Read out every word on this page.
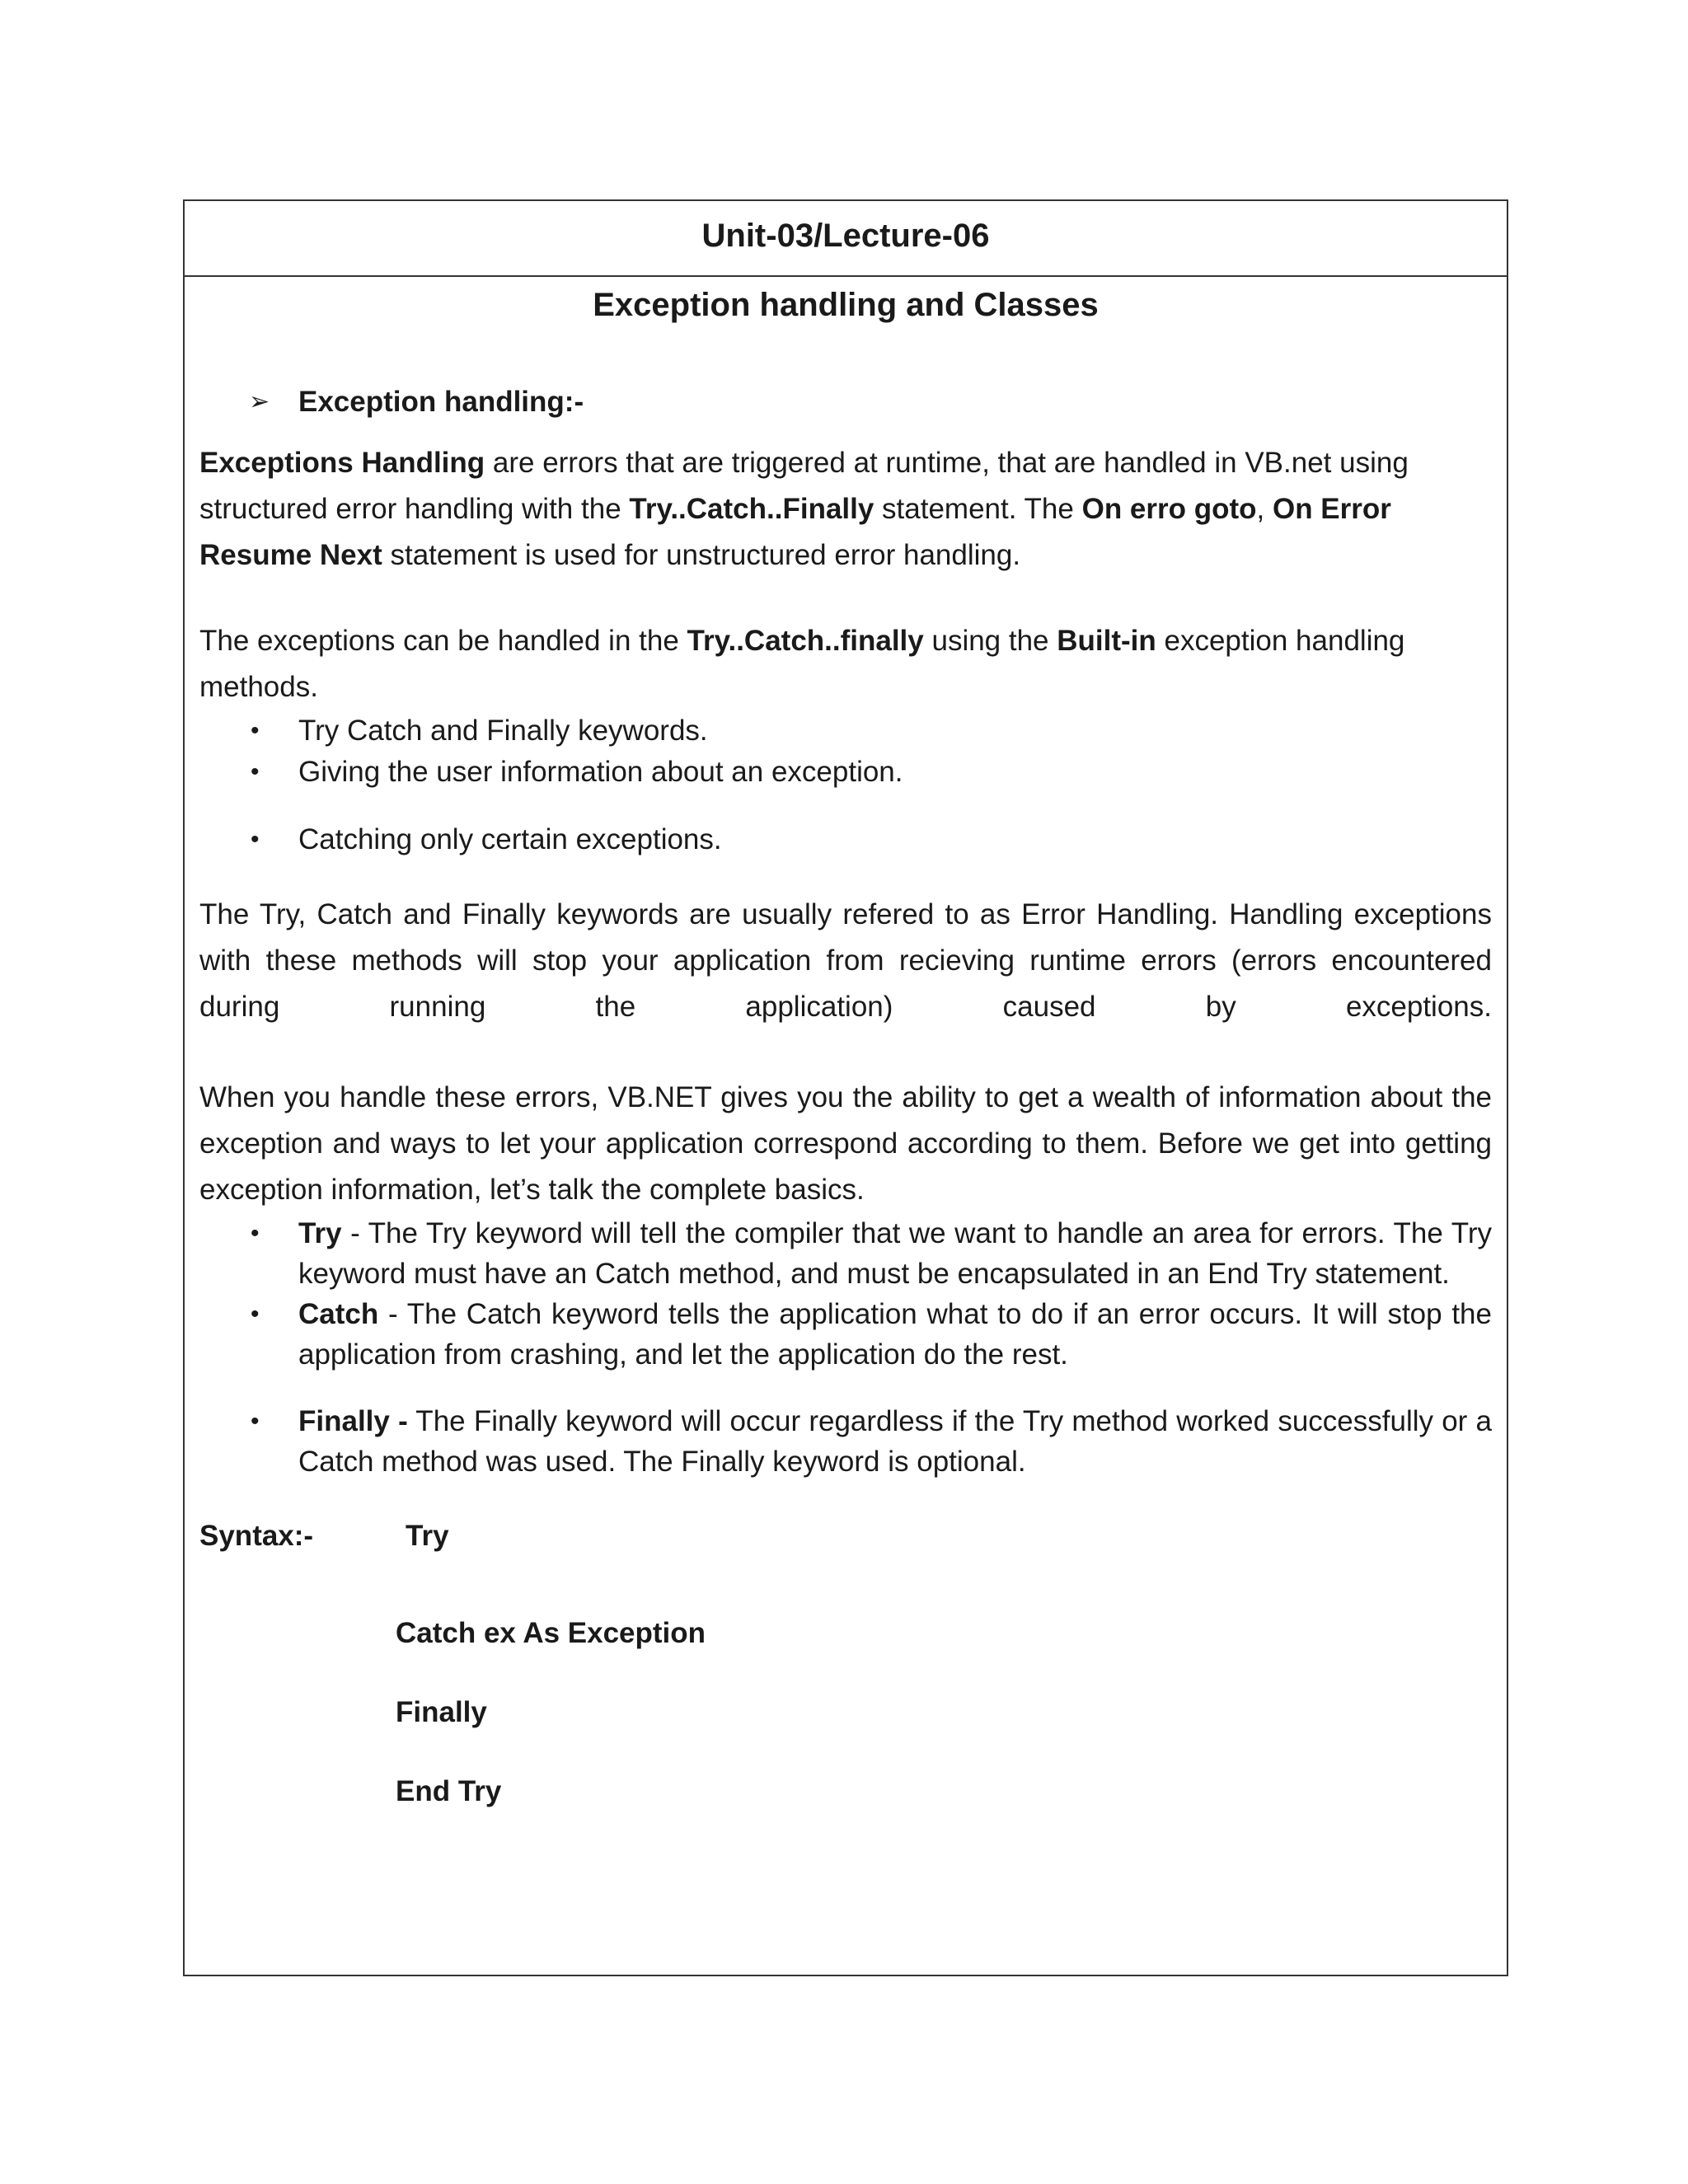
Unit-03/Lecture-06
Exception handling and Classes
➢ Exception handling:-

Exceptions Handling are errors that are triggered at runtime, that are handled in VB.net using structured error handling with the Try..Catch..Finally statement. The On erro goto, On Error Resume Next statement is used for unstructured error handling.

The exceptions can be handled in the Try..Catch..finally using the Built-in exception handling methods.

• Try Catch and Finally keywords.
• Giving the user information about an exception.
• Catching only certain exceptions.

The Try, Catch and Finally keywords are usually refered to as Error Handling. Handling exceptions with these methods will stop your application from recieving runtime errors (errors encountered during running the application) caused by exceptions.

When you handle these errors, VB.NET gives you the ability to get a wealth of information about the exception and ways to let your application correspond according to them. Before we get into getting exception information, let’s talk the complete basics.

• Try - The Try keyword will tell the compiler that we want to handle an area for errors. The Try keyword must have an Catch method, and must be encapsulated in an End Try statement.
• Catch - The Catch keyword tells the application what to do if an error occurs. It will stop the application from crashing, and let the application do the rest.
• Finally - The Finally keyword will occur regardless if the Try method worked successfully or a Catch method was used. The Finally keyword is optional.
Syntax:-	Try
Catch ex As Exception
Finally
End Try
